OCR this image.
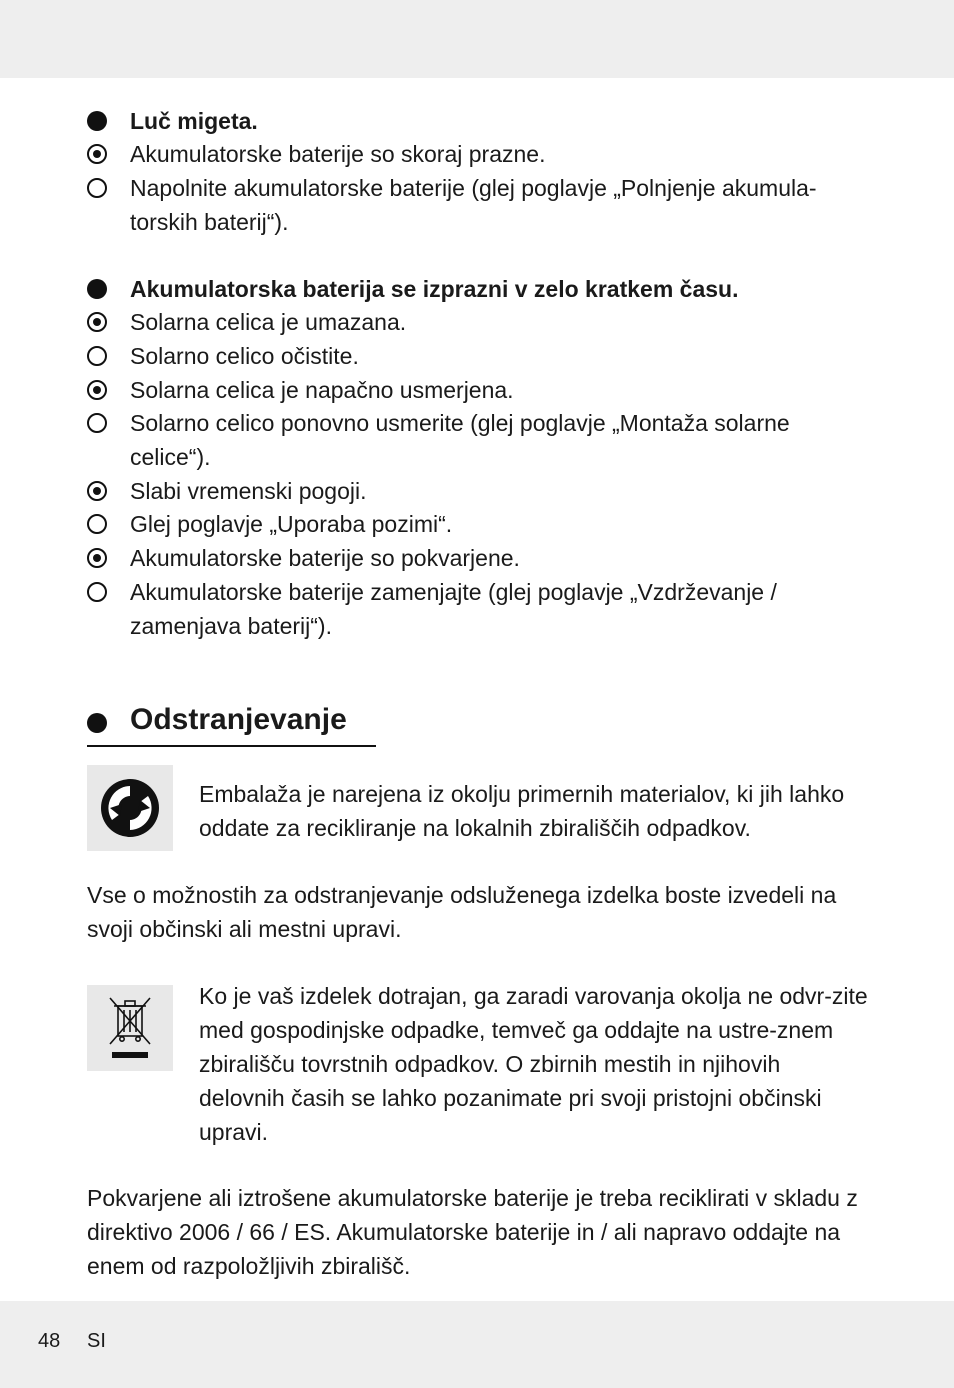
Luč migeta.
Akumulatorske baterije so skoraj prazne.
Napolnite akumulatorske baterije (glej poglavje „Polnjenje akumula-torskih baterij“).
Akumulatorska baterija se izprazni v zelo kratkem času.
Solarna celica je umazana.
Solarno celico očistite.
Solarna celica je napačno usmerjena.
Solarno celico ponovno usmerite (glej poglavje „Montaža solarne celice“).
Slabi vremenski pogoji.
Glej poglavje „Uporaba pozimi“.
Akumulatorske baterije so pokvarjene.
Akumulatorske baterije zamenjajte (glej poglavje „Vzdrževanje / zamenjava baterij“).
Odstranjevanje
Embalaža je narejena iz okolju primernih materialov, ki jih lahko oddate za recikliranje na lokalnih zbirališčih odpadkov.
Vse o možnostih za odstranjevanje odsluženega izdelka boste izvedeli na svoji občinski ali mestni upravi.
Ko je vaš izdelek dotrajan, ga zaradi varovanja okolja ne odvr-zite med gospodinjske odpadke, temveč ga oddajte na ustre-znem zbirališču tovrstnih odpadkov. O zbirnih mestih in njihovih delovnih časih se lahko pozanimate pri svoji pristojni občinski upravi.
Pokvarjene ali iztrošene akumulatorske baterije je treba reciklirati v skladu z direktivo 2006 / 66 / ES. Akumulatorske baterije in / ali napravo oddajte na enem od razpoložljivih zbirališč.
48 SI
